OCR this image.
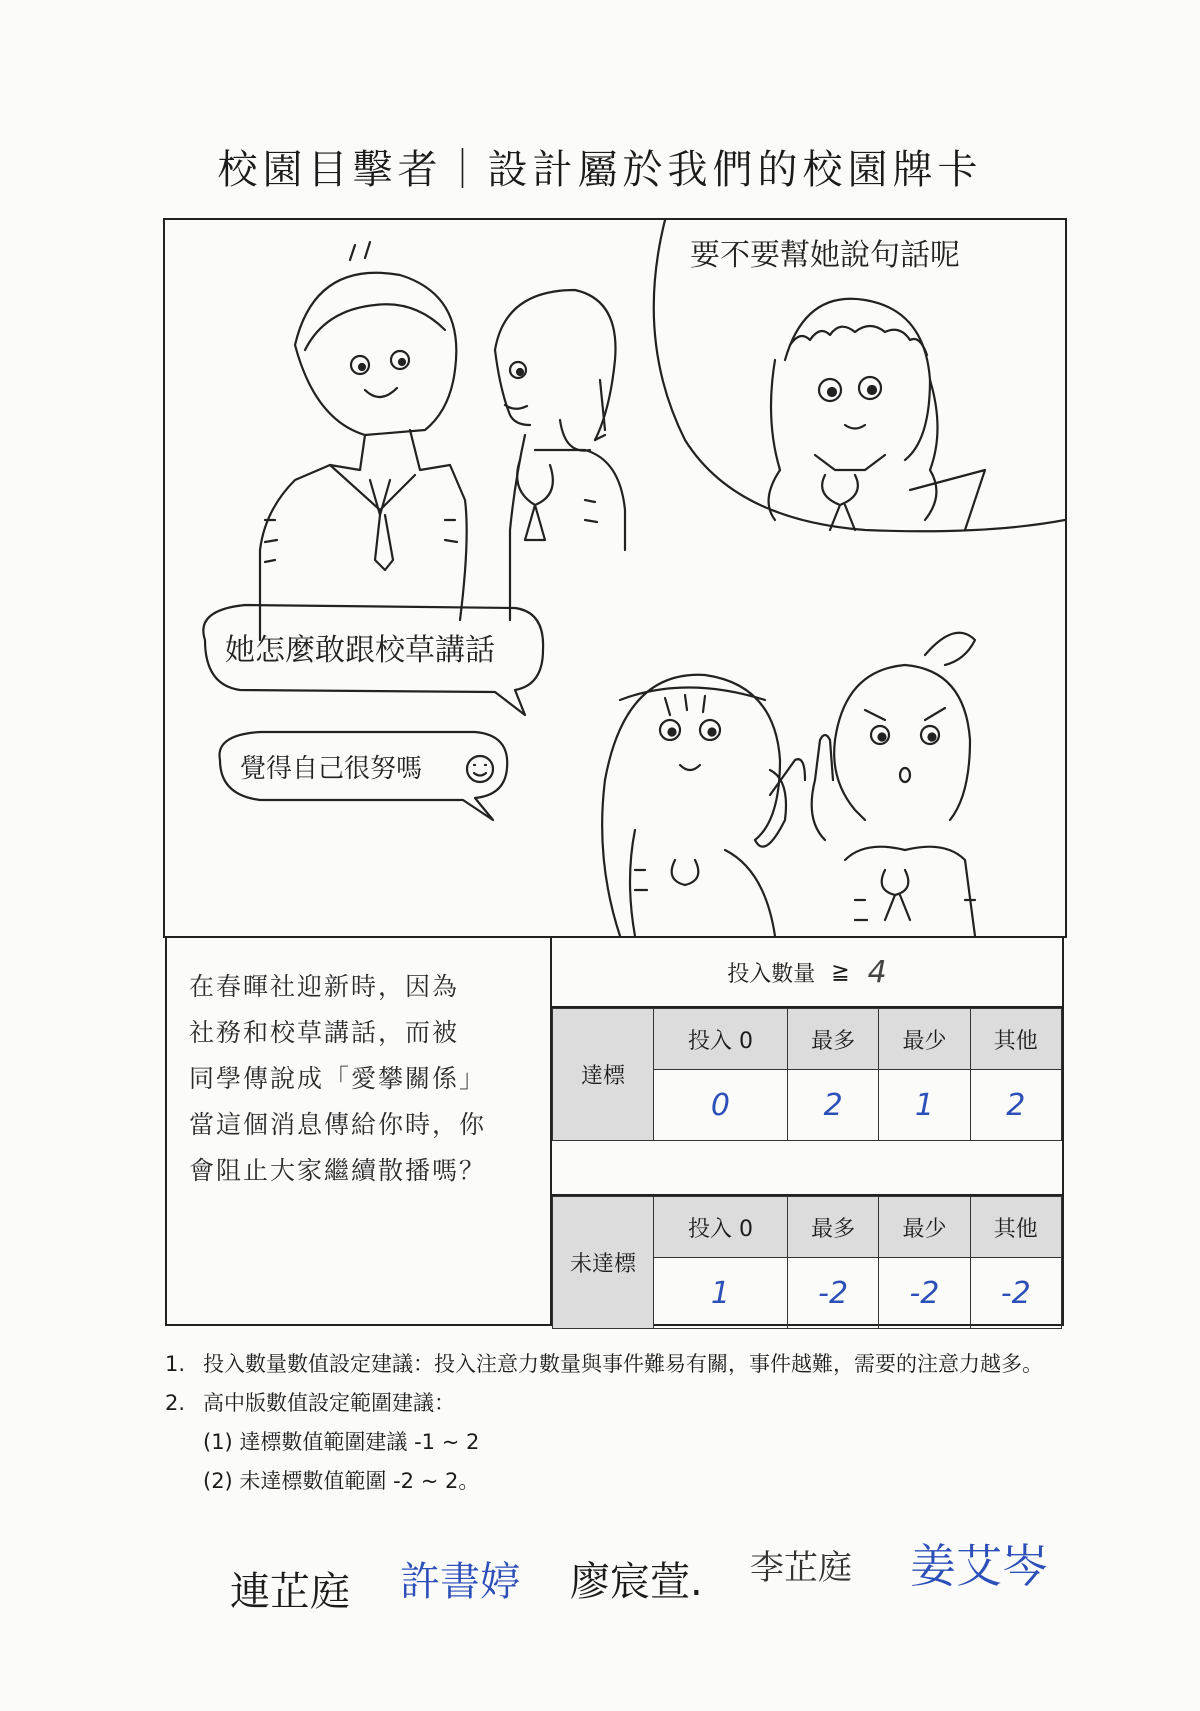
校園目擊者｜設計屬於我們的校園牌卡
要不要幫她說句話呢
她怎麼敢跟校草講話
覺得自己很努嗎
在春暉社迎新時，因為
社務和校草講話，而被
同學傳說成「愛攀關係」
當這個消息傳給你時，你
會阻止大家繼續散播嗎？
投入數量 ≧ 4
達標	投入 0	最多	最少	其他
	0	2	1	2
未達標	投入 0	最多	最少	其他
	1	-2	-2	-2
1. 投入數量數值設定建議：投入注意力數量與事件難易有關，事件越難，需要的注意力越多。
2. 高中版數值設定範圍建議：
(1) 達標數值範圍建議 -1 ~ 2
(2) 未達標數值範圍 -2 ~ 2。
連芷庭 許書婷 廖宸萱. 李芷庭 姜艾岑
